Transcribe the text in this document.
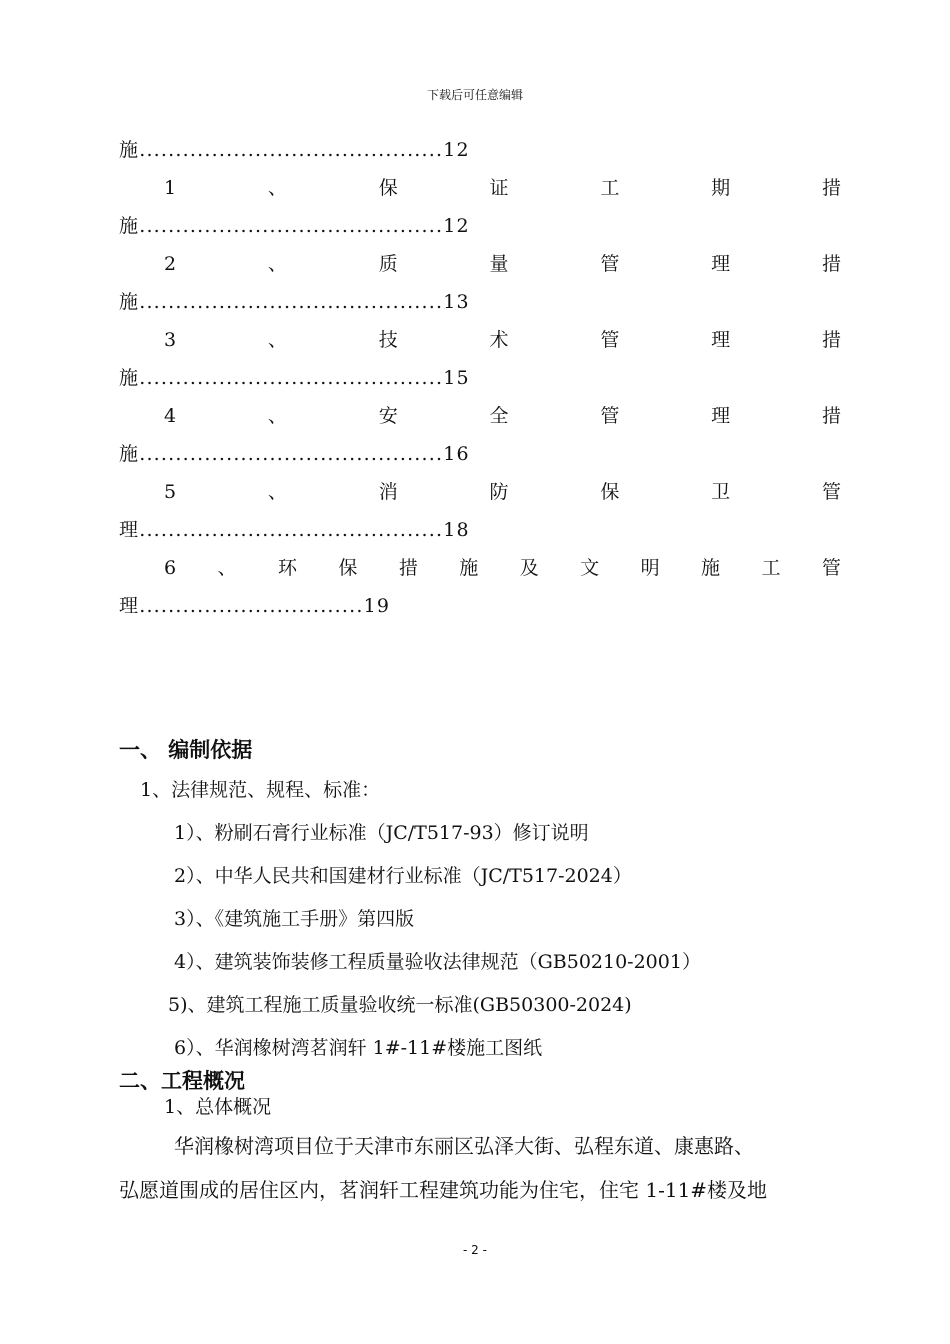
下载后可任意编辑
施..........................................12
1	、	保	证	工	期	措
施..........................................12
2	、	质	量	管	理	措
施..........................................13
3	、	技	术	管	理	措
施..........................................15
4	、	安	全	管	理	措
施..........................................16
5	、	消	防	保	卫	管
理..........................................18
6 、 环 保 措 施 及 文 明 施 工 管
理...............................19
一、 编制依据
1、法律规范、规程、标准：
1）、粉刷石膏行业标准（JC/T517-93）修订说明
2）、中华人民共和国建材行业标准（JC/T517-2024）
3）、《建筑施工手册》第四版
4）、建筑装饰装修工程质量验收法律规范（GB50210-2001）
5)、建筑工程施工质量验收统一标准(GB50300-2024)
6）、华润橡树湾茗润轩 1#-11#楼施工图纸
二、工程概况
1、总体概况
华润橡树湾项目位于天津市东丽区弘泽大街、弘程东道、康惠路、
弘愿道围成的居住区内，茗润轩工程建筑功能为住宅，住宅 1-11#楼及地
- 2 -
